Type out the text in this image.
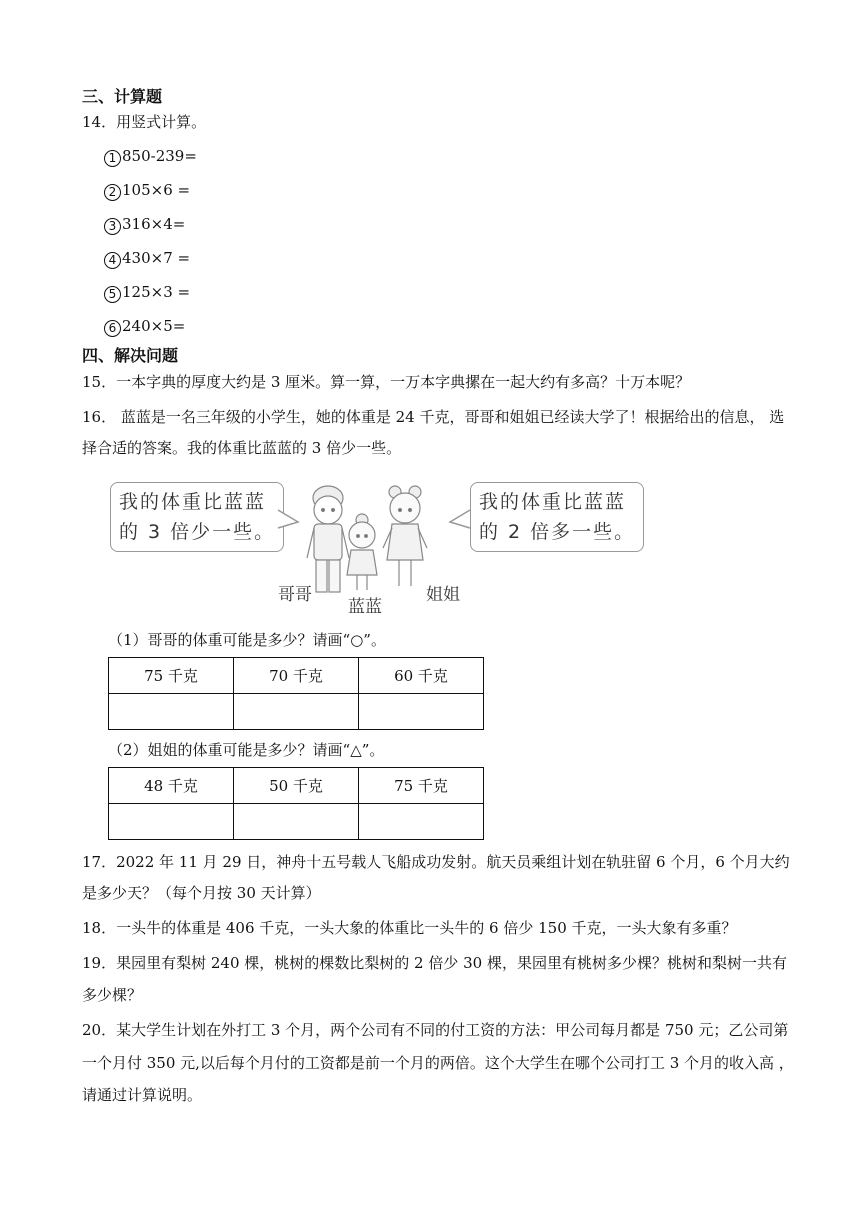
三、计算题
14．用竖式计算。
1 850-239=
2 105×6 =
3 316×4=
4 430×7 =
5 125×3 =
6 240×5=
四、解决问题
15．一本字典的厚度大约是 3 厘米。算一算，一万本字典摞在一起大约有多高？十万本呢？
16． 蓝蓝是一名三年级的小学生，她的体重是 24 千克，哥哥和姐姐已经读大学了！根据给出的信息， 选
择合适的答案。我的体重比蓝蓝的 3 倍少一些。
我的体重比蓝蓝
的 3 倍少一些。
我的体重比蓝蓝
的 2 倍多一些。
哥哥
蓝蓝
姐姐
（1）哥哥的体重可能是多少？请画“○”。
75 千克	70 千克	60 千克

（2）姐姐的体重可能是多少？请画“△”。
48 千克	50 千克	75 千克

17．2022 年 11 月 29 日，神舟十五号载人飞船成功发射。航天员乘组计划在轨驻留 6 个月，6 个月大约
是多少天？（每个月按 30 天计算）
18．一头牛的体重是 406 千克，一头大象的体重比一头牛的 6 倍少 150 千克，一头大象有多重？
19．果园里有梨树 240 棵，桃树的棵数比梨树的 2 倍少 30 棵，果园里有桃树多少棵？桃树和梨树一共有
多少棵？
20．某大学生计划在外打工 3 个月，两个公司有不同的付工资的方法：甲公司每月都是 750 元；乙公司第
一个月付 350 元,以后每个月付的工资都是前一个月的两倍。这个大学生在哪个公司打工 3 个月的收入高 ，
请通过计算说明。
